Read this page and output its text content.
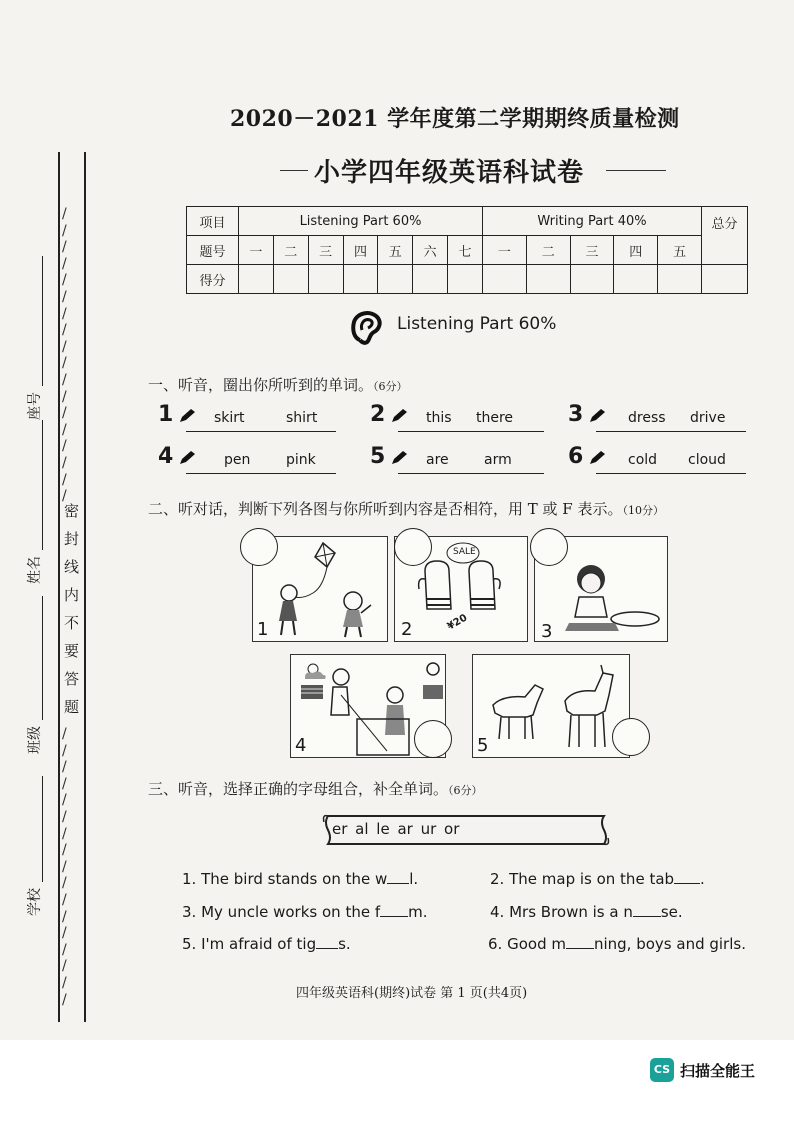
/
/
/
/
/
/
/
/
/
/
/
/
/
/
/
/
/
/
密
封
线
内
不
要
答
题
/
/
/
/
/
/
/
/
/
/
/
/
/
/
/
/
/
座号
姓名
班级
学校
2020－2021 学年度第二学期期终质量检测
小学四年级英语科试卷
项目	Listening Part 60%							Writing Part 40%					总分
题号	一	二	三	四	五	六	七	一	二	三	四	五	
得分													
Listening Part 60%
一、听音，圈出你所听到的单词。（6分）
1	skirt	shirt 2	this there 3	dress drive
4	pen	pink 5	are	arm	6	cold cloud
二、听对话，判断下列各图与你所听到内容是否相符，用 T 或 F 表示。（10分）
1
SALE
¥20
2	3
4	5
三、听音，选择正确的字母组合，补全单词。（6分）
er al le ar ur or
1. The bird stands on the w l.	2. The map is on the tab .
3. My uncle works on the f m.	4. Mrs Brown is a n se.
5. I'm afraid of tig s.	6. Good m ning, boys and girls.
四年级英语科(期终)试卷 第 1 页(共4页)
CS 扫描全能王
